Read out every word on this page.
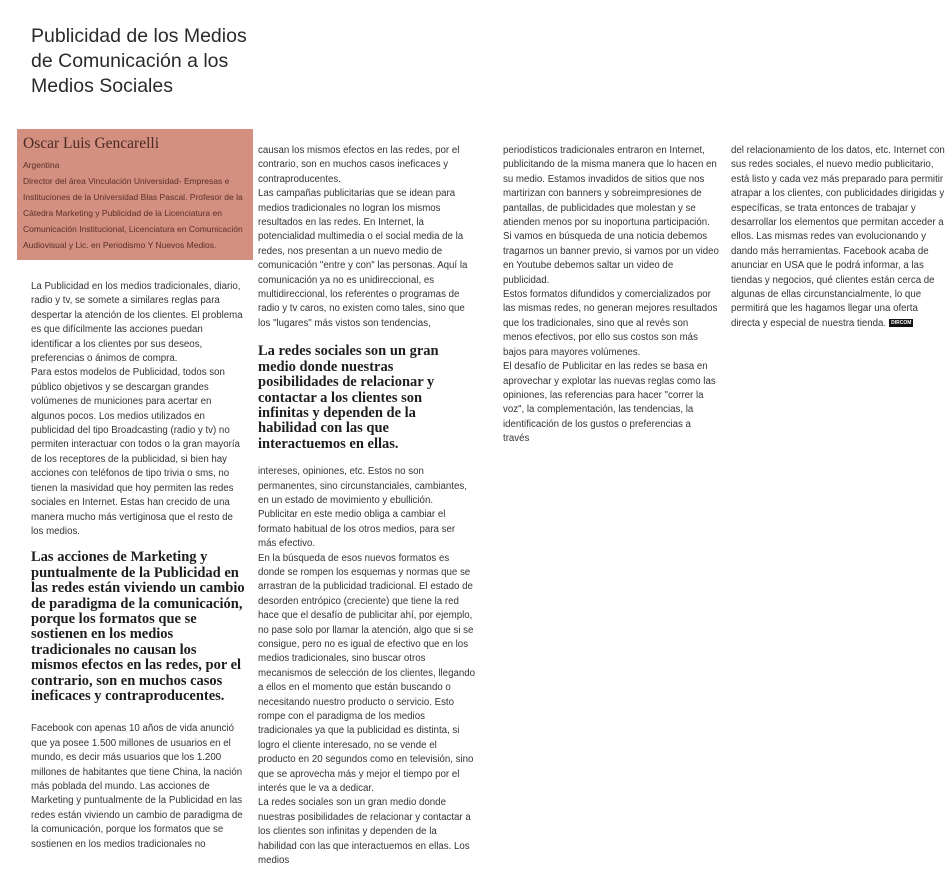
Publicidad de los Medios
de Comunicación a los
Medios Sociales

Oscar Luis Gencarelli

Argentina

Director del área Vinculación Universidad- Empresas e Instituciones de la Universidad Blas Pascal. Profesor de la Cátedra Marketing y Publicidad de la Licenciatura en Comunicación Institucional, Licenciatura en Comunicación Audiovisual y Lic. en Periodismo Y Nuevos Medios.

La Publicidad en los medios tradicionales, diario, radio y tv, se somete a similares reglas para despertar la atención de los clientes. El problema es que difícilmente las acciones puedan identificar a los clientes por sus deseos, preferencias o ánimos de compra.

Para estos modelos de Publicidad, todos son público objetivos y se descargan grandes volúmenes de municiones para acertar en algunos pocos. Los medios utilizados en publicidad del tipo Broadcasting (radio y tv) no permiten interactuar con todos o la gran mayoría de los receptores de la publicidad, si bien hay acciones con teléfonos de tipo trivia o sms, no tienen la masividad que hoy permiten las redes sociales en Internet. Estas han crecido de una manera mucho más vertiginosa que el resto de los medios.

Las acciones de Marketing y puntualmente de la Publicidad en las redes están viviendo un cambio de paradigma de la comunicación, porque los formatos que se sostienen en los medios tradicionales no causan los mismos efectos en las redes, por el contrario, son en muchos casos ineficaces y contraproducentes.

Facebook con apenas 10 años de vida anunció que ya posee 1.500 millones de usuarios en el mundo, es decir más usuarios que los 1.200 millones de habitantes que tiene China, la nación más poblada del mundo. Las acciones de Marketing y puntualmente de la Publicidad en las redes están viviendo un cambio de paradigma de la comunicación, porque los formatos que se sostienen en los medios tradicionales no

causan los mismos efectos en las redes, por el contrario, son en muchos casos ineficaces y contraproducentes.

Las campañas publicitarias que se idean para medios tradicionales no logran los mismos resultados en las redes. En Internet, la potencialidad multimedia o el social media de la redes, nos presentan a un nuevo medio de comunicación "entre y con" las personas. Aquí la comunicación ya no es unidireccional, es multidireccional, los referentes o programas de radio y tv caros, no existen como tales, sino que los "lugares" más vistos son tendencias,

La redes sociales son un gran medio donde nuestras posibilidades de relacionar y contactar a los clientes son infinitas y dependen de la habilidad con las que interactuemos en ellas.

intereses, opiniones, etc. Estos no son permanentes, sino circunstanciales, cambiantes, en un estado de movimiento y ebullición. Publicitar en este medio obliga a cambiar el formato habitual de los otros medios, para ser más efectivo.

En la búsqueda de esos nuevos formatos es donde se rompen los esquemas y normas que se arrastran de la publicidad tradicional. El estado de desorden entrópico (creciente) que tiene la red hace que el desafío de publicitar ahí, por ejemplo, no pase solo por llamar la atención, algo que si se consigue, pero no es igual de efectivo que en los medios tradicionales, sino buscar otros mecanismos de selección de los clientes, llegando a ellos en el momento que están buscando o necesitando nuestro producto o servicio. Esto rompe con el paradigma de los medios tradicionales ya que la publicidad es distinta, si logro el cliente interesado, no se vende el producto en 20 segundos como en televisión, sino que se aprovecha más y mejor el tiempo por el interés que le va a dedicar.

La redes sociales son un gran medio donde nuestras posibilidades de relacionar y contactar a los clientes son infinitas y dependen de la habilidad con las que interactuemos en ellas. Los medios

periodísticos tradicionales entraron en Internet, publicitando de la misma manera que lo hacen en su medio. Estamos invadidos de sitios que nos martirizan con banners y sobreimpresiones de pantallas, de publicidades que molestan y se atienden menos por su inoportuna participación.

Si vamos en búsqueda de una noticia debemos tragarnos un banner previo, si vamos por un video en Youtube debemos saltar un video de publicidad.

Estos formatos difundidos y comercializados por las mismas redes, no generan mejores resultados que los tradicionales, sino que al revés son menos efectivos, por ello sus costos son más bajos para mayores volúmenes.

El desafío de Publicitar en las redes se basa en aprovechar y explotar las nuevas reglas como las opiniones, las referencias para hacer "correr la voz", la complementación, las tendencias, la identificación de los gustos o preferencias a través

del relacionamiento de los datos, etc. Internet con sus redes sociales, el nuevo medio publicitario, está listo y cada vez más preparado para permitir atrapar a los clientes, con publicidades dirigidas y específicas, se trata entonces de trabajar y desarrollar los elementos que permitan acceder a ellos. Las mismas redes van evolucionando y dando más herramientas. Facebook acaba de anunciar en USA que le podrá informar, a las tiendas y negocios, qué clientes están cerca de algunas de ellas circunstancialmente, lo que permitirá que les hagamos llegar una oferta directa y especial de nuestra tienda. DIRCOM
